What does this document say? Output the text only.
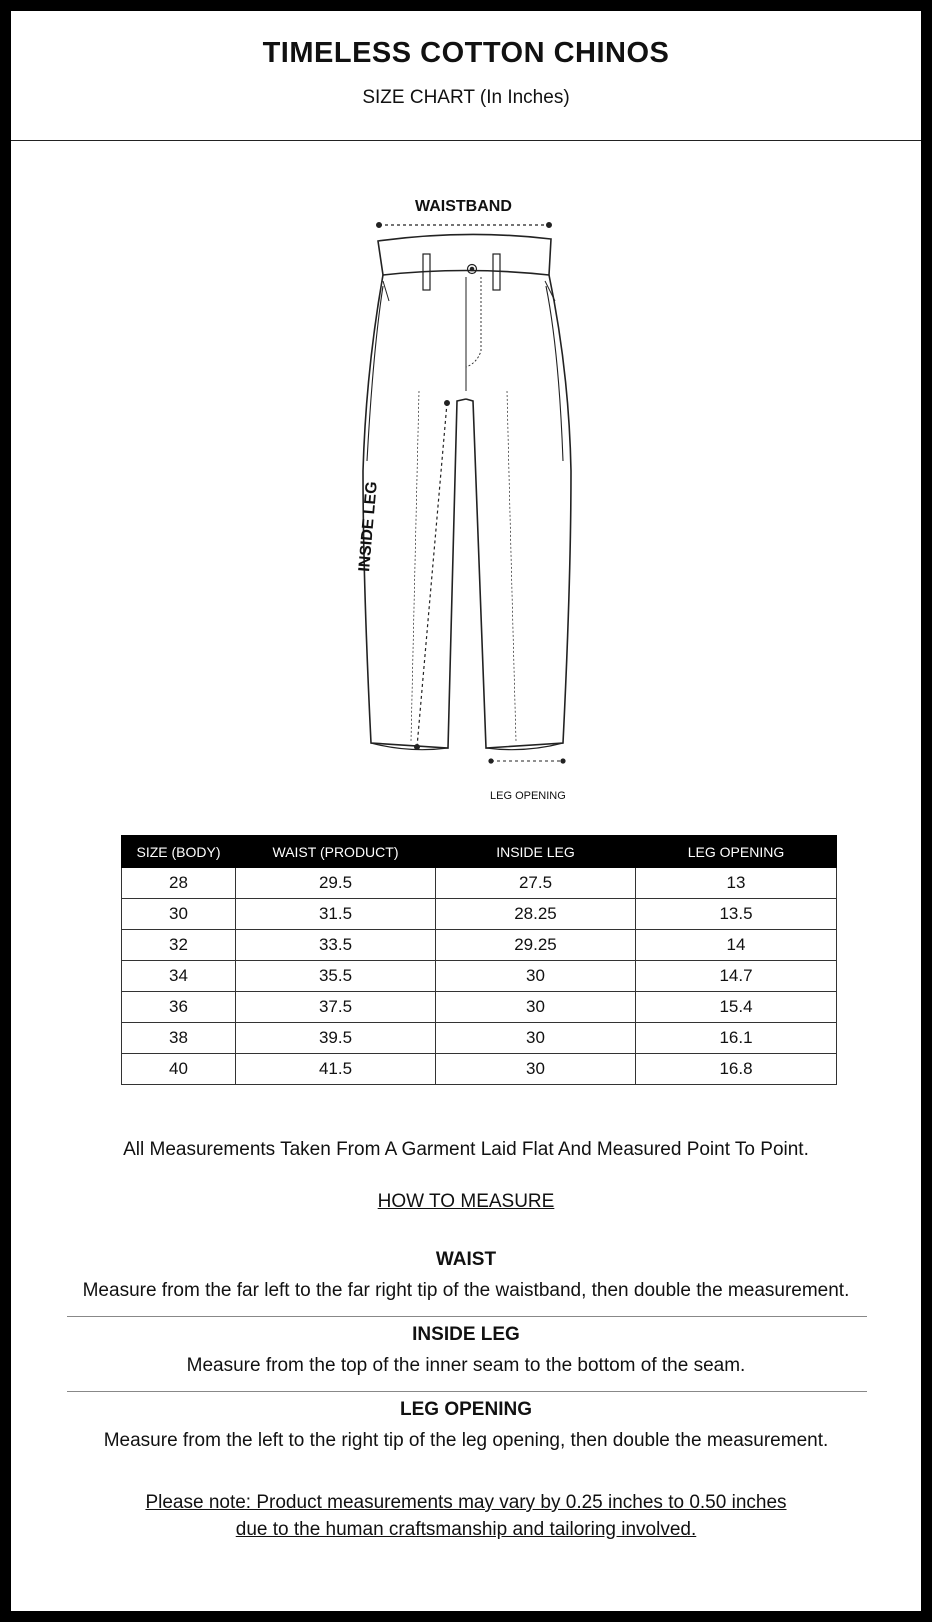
TIMELESS COTTON CHINOS
SIZE CHART (In Inches)
WAISTBAND
INSIDE LEG
LEG OPENING
SIZE (BODY)	WAIST (PRODUCT)	INSIDE LEG	LEG OPENING
28	29.5	27.5	13
30	31.5	28.25	13.5
32	33.5	29.25	14
34	35.5	30	14.7
36	37.5	30	15.4
38	39.5	30	16.1
40	41.5	30	16.8
All Measurements Taken From A Garment Laid Flat And Measured Point To Point.
HOW TO MEASURE
WAIST
Measure from the far left to the far right tip of the waistband, then double the measurement.
INSIDE LEG
Measure from the top of the inner seam to the bottom of the seam.
LEG OPENING
Measure from the left to the right tip of the leg opening, then double the measurement.
Please note: Product measurements may vary by 0.25 inches to 0.50 inches
due to the human craftsmanship and tailoring involved.
